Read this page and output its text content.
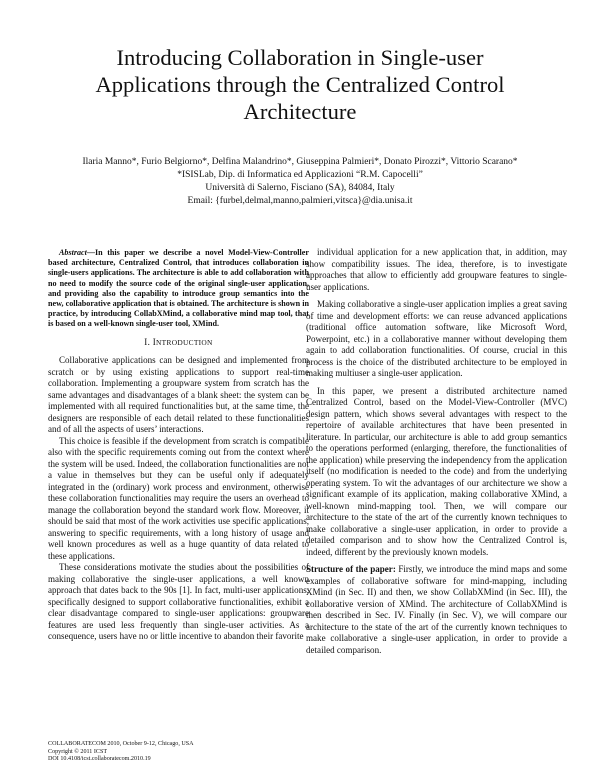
Introducing Collaboration in Single-user
Applications through the Centralized Control
Architecture
Ilaria Manno*, Furio Belgiorno*, Delfina Malandrino*, Giuseppina Palmieri*, Donato Pirozzi*, Vittorio Scarano*
*ISISLab, Dip. di Informatica ed Applicazioni “R.M. Capocelli”
Università di Salerno, Fisciano (SA), 84084, Italy
Email: {furbel,delmal,manno,palmieri,vitsca}@dia.unisa.it
Abstract—In this paper we describe a novel Model-View-Controller based architecture, Centralized Control, that introduces collaboration in single-users applications. The architecture is able to add collaboration with no need to modify the source code of the original single-user application, and providing also the capability to introduce group semantics into the new, collaborative application that is obtained. The architecture is shown in practice, by introducing CollabXMind, a collaborative mind map tool, that is based on a well-known single-user tool, XMind.
I. INTRODUCTION

Collaborative applications can be designed and implemented from scratch or by using existing applications to support real-time collaboration. Implementing a groupware system from scratch has the same advantages and disadvantages of a blank sheet: the system can be implemented with all required functionalities but, at the same time, the designers are responsible of each detail related to these functionalities and of all the aspects of users’ interactions.

This choice is feasible if the development from scratch is compatible also with the specific requirements coming out from the context where the system will be used. Indeed, the collaboration functionalities are not a value in themselves but they can be useful only if adequately integrated in the (ordinary) work process and environment, otherwise these collaboration functionalities may require the users an overhead to manage the collaboration beyond the standard work flow. Moreover, it should be said that most of the work activities use specific applications, answering to specific requirements, with a long history of usage and well known procedures as well as a huge quantity of data related to these applications.

These considerations motivate the studies about the possibilities of making collaborative the single-user applications, a well known approach that dates back to the 90s [1]. In fact, multi-user applications, specifically designed to support collaborative functionalities, exhibit a clear disadvantage compared to single-user applications: groupware features are used less frequently than single-user activities. As a consequence, users have no or little incentive to abandon their favorite

individual application for a new application that, in addition, may show compatibility issues. The idea, therefore, is to investigate approaches that allow to efficiently add groupware features to single-user applications.

Making collaborative a single-user application implies a great saving of time and development efforts: we can reuse advanced applications (traditional office automation software, like Microsoft Word, Powerpoint, etc.) in a collaborative manner without developing them again to add collaboration functionalities. Of course, crucial in this process is the choice of the distributed architecture to be employed in making multiuser a single-user application.

In this paper, we present a distributed architecture named Centralized Control, based on the Model-View-Controller (MVC) design pattern, which shows several advantages with respect to the repertoire of available architectures that have been presented in literature. In particular, our architecture is able to add group semantics to the operations performed (enlarging, therefore, the functionalities of the application) while preserving the independency from the application itself (no modification is needed to the code) and from the underlying operating system. To wit the advantages of our architecture we show a significant example of its application, making collaborative XMind, a well-known mind-mapping tool. Then, we will compare our architecture to the state of the art of the currently known techniques to make collaborative a single-user application, in order to provide a detailed comparison and to show how the Centralized Control is, indeed, different by the previously known models.

Structure of the paper: Firstly, we introduce the mind maps and some examples of collaborative software for mind-mapping, including XMind (in Sec. II) and then, we show CollabXMind (in Sec. III), the collaborative version of XMind. The architecture of CollabXMind is then described in Sec. IV. Finally (in Sec. V), we will compare our architecture to the state of the art of the currently known techniques to make collaborative a single-user application, in order to provide a detailed comparison.

COLLABORATECOM 2010, October 9-12, Chicago, USA
Copyright © 2011 ICST
DOI 10.4108/icst.collaboratecom.2010.19
